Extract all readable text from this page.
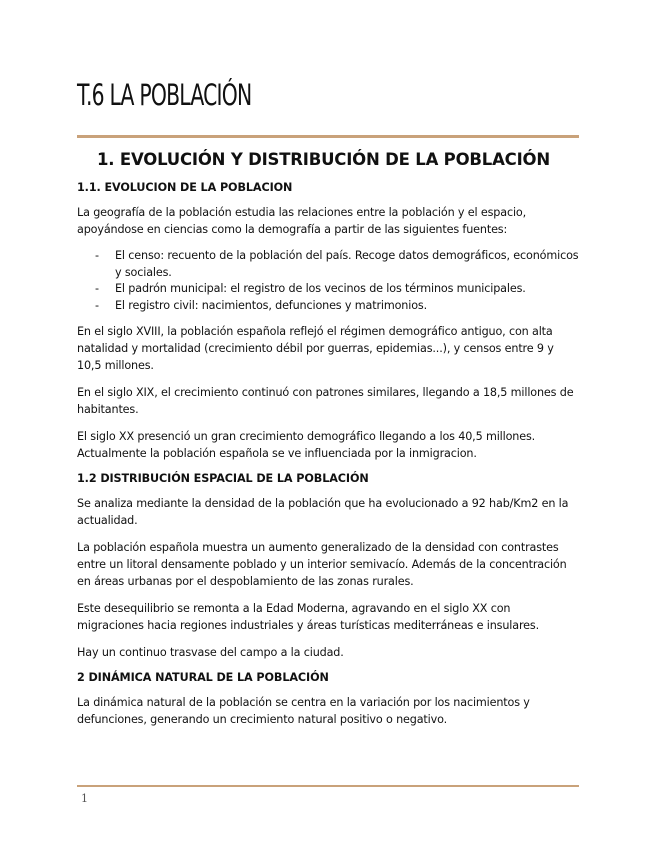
T.6 LA POBLACIÓN
1. EVOLUCIÓN Y DISTRIBUCIÓN DE LA POBLACIÓN
1.1. EVOLUCION DE LA POBLACION

La geografía de la población estudia las relaciones entre la población y el espacio, apoyándose en ciencias como la demografía a partir de las siguientes fuentes:

- El censo: recuento de la población del país. Recoge datos demográficos, económicos y sociales.
- El padrón municipal: el registro de los vecinos de los términos municipales.
- El registro civil: nacimientos, defunciones y matrimonios.

En el siglo XVIII, la población española reflejó el régimen demográfico antiguo, con alta natalidad y mortalidad (crecimiento débil por guerras, epidemias...), y censos entre 9 y 10,5 millones.

En el siglo XIX, el crecimiento continuó con patrones similares, llegando a 18,5 millones de habitantes.

El siglo XX presenció un gran crecimiento demográfico llegando a los 40,5 millones. Actualmente la población española se ve influenciada por la inmigracion.

1.2 DISTRIBUCIÓN ESPACIAL DE LA POBLACIÓN

Se analiza mediante la densidad de la población que ha evolucionado a 92 hab/Km2 en la actualidad.

La población española muestra un aumento generalizado de la densidad con contrastes entre un litoral densamente poblado y un interior semivacío. Además de la concentración en áreas urbanas por el despoblamiento de las zonas rurales.

Este desequilibrio se remonta a la Edad Moderna, agravando en el siglo XX con migraciones hacia regiones industriales y áreas turísticas mediterráneas e insulares.

Hay un continuo trasvase del campo a la ciudad.

2 DINÁMICA NATURAL DE LA POBLACIÓN

La dinámica natural de la población se centra en la variación por los nacimientos y defunciones, generando un crecimiento natural positivo o negativo.

1
